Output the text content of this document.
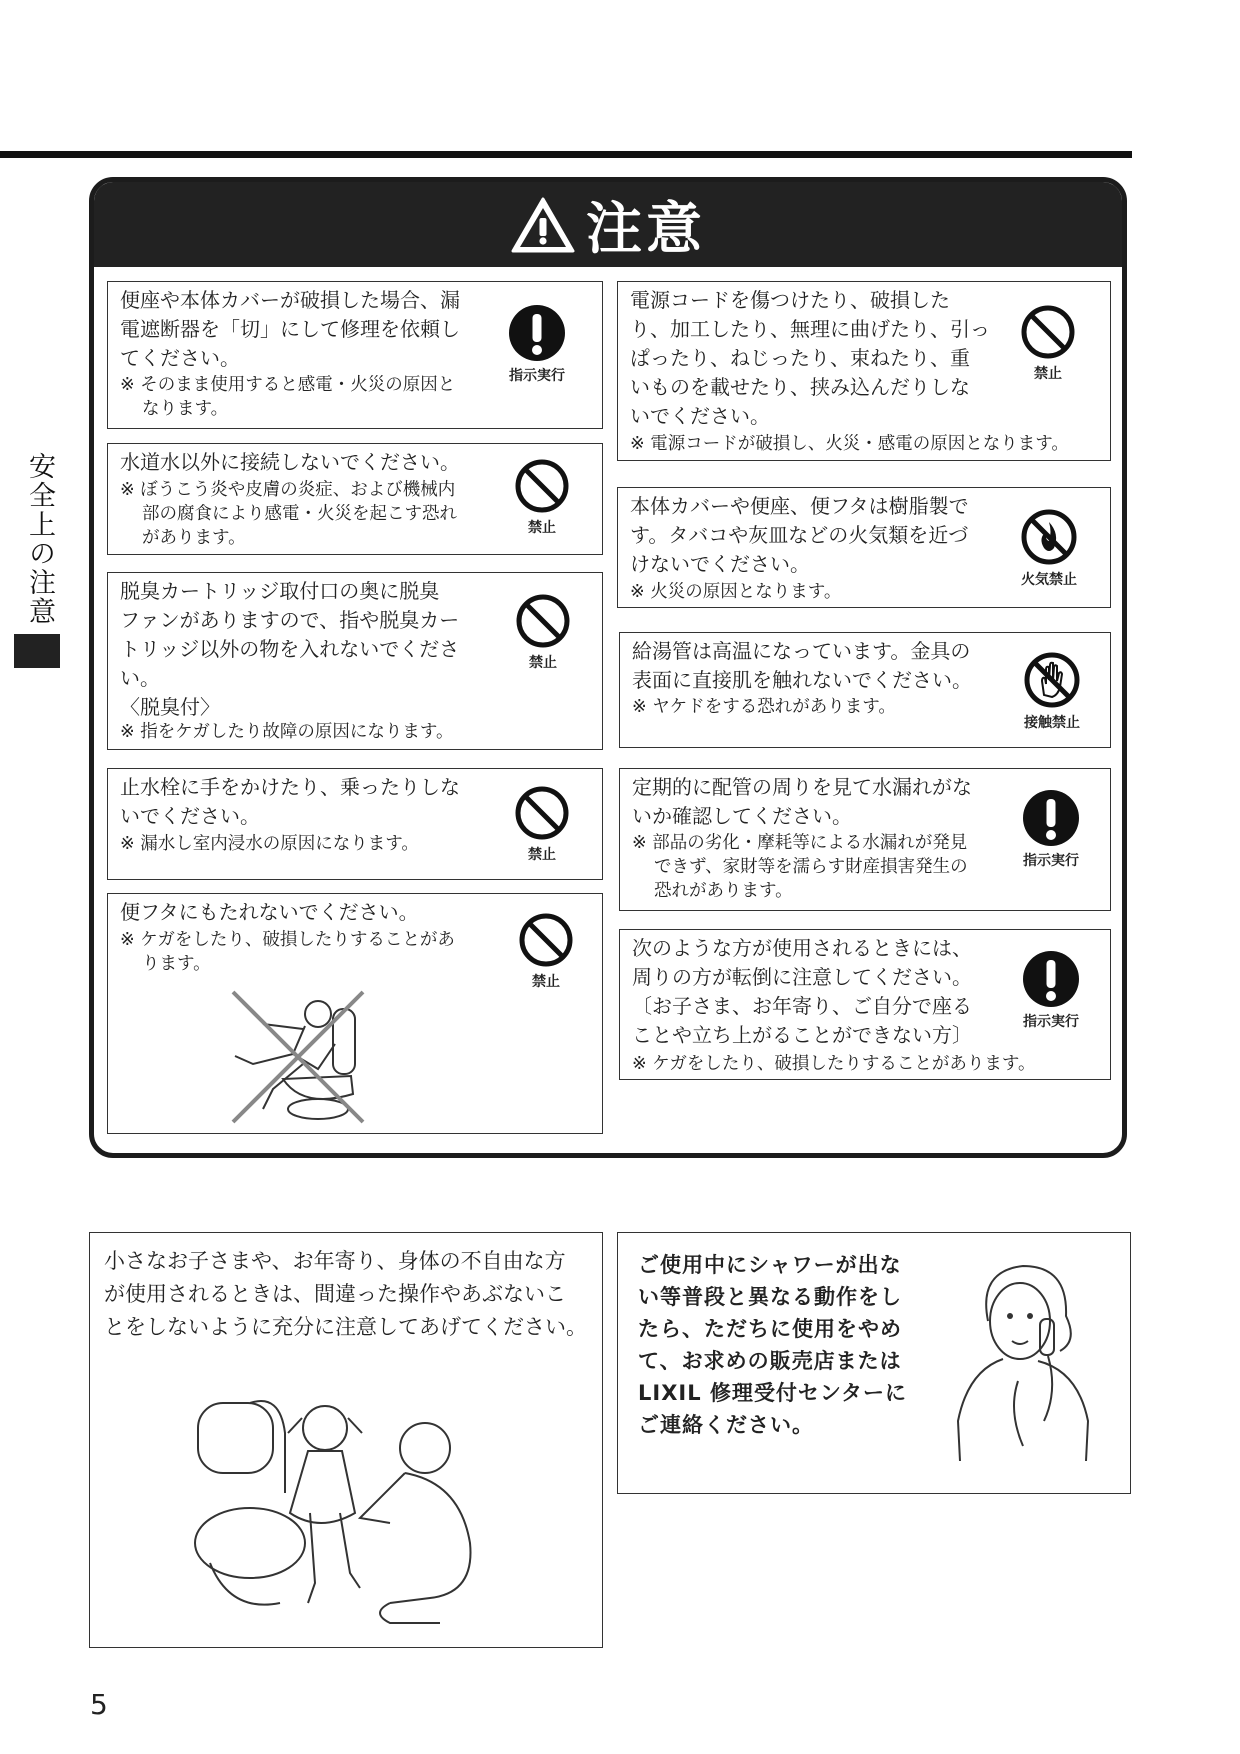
安全上の注意
注意
便座や本体カバーが破損した場合、漏
電遮断器を「切」にして修理を依頼し
てください。
※ そのまま使用すると感電・火災の原因と
なります。
指示実行
水道水以外に接続しないでください。
※ ぼうこう炎や皮膚の炎症、および機械内
部の腐食により感電・火災を起こす恐れ
があります。	禁止
脱臭カートリッジ取付口の奥に脱臭
ファンがありますので、指や脱臭カー
トリッジ以外の物を入れないでくださ
い。
〈脱臭付〉
※ 指をケガしたり故障の原因になります。
禁止
止水栓に手をかけたり、乗ったりしな
いでください。
※ 漏水し室内浸水の原因になります。
禁止
便フタにもたれないでください。
※ ケガをしたり、破損したりすることがあ
ります。
禁止
電源コードを傷つけたり、破損した
り、加工したり、無理に曲げたり、引っ
ぱったり、ねじったり、束ねたり、重
いものを載せたり、挟み込んだりしな
いでください。
※ 電源コードが破損し、火災・感電の原因となります。
禁止
本体カバーや便座、便フタは樹脂製で
す。タバコや灰皿などの火気類を近づ
けないでください。
※ 火災の原因となります。
火気禁止
給湯管は高温になっています。金具の
表面に直接肌を触れないでください。
※ ヤケドをする恐れがあります。
接触禁止
定期的に配管の周りを見て水漏れがな
いか確認してください。
※ 部品の劣化・摩耗等による水漏れが発見
できず、家財等を濡らす財産損害発生の
恐れがあります。
指示実行
次のような方が使用されるときには、
周りの方が転倒に注意してください。
〔お子さま、お年寄り、ご自分で座る
ことや立ち上がることができない方〕
※ ケガをしたり、破損したりすることがあります。
指示実行
小さなお子さまや、お年寄り、身体の不自由な方
が使用されるときは、間違った操作やあぶないこ
とをしないように充分に注意してあげてください。
ご使用中にシャワーが出な
い等普段と異なる動作をし
たら、ただちに使用をやめ
て、お求めの販売店または
LIXIL 修理受付センターに
ご連絡ください。
5
